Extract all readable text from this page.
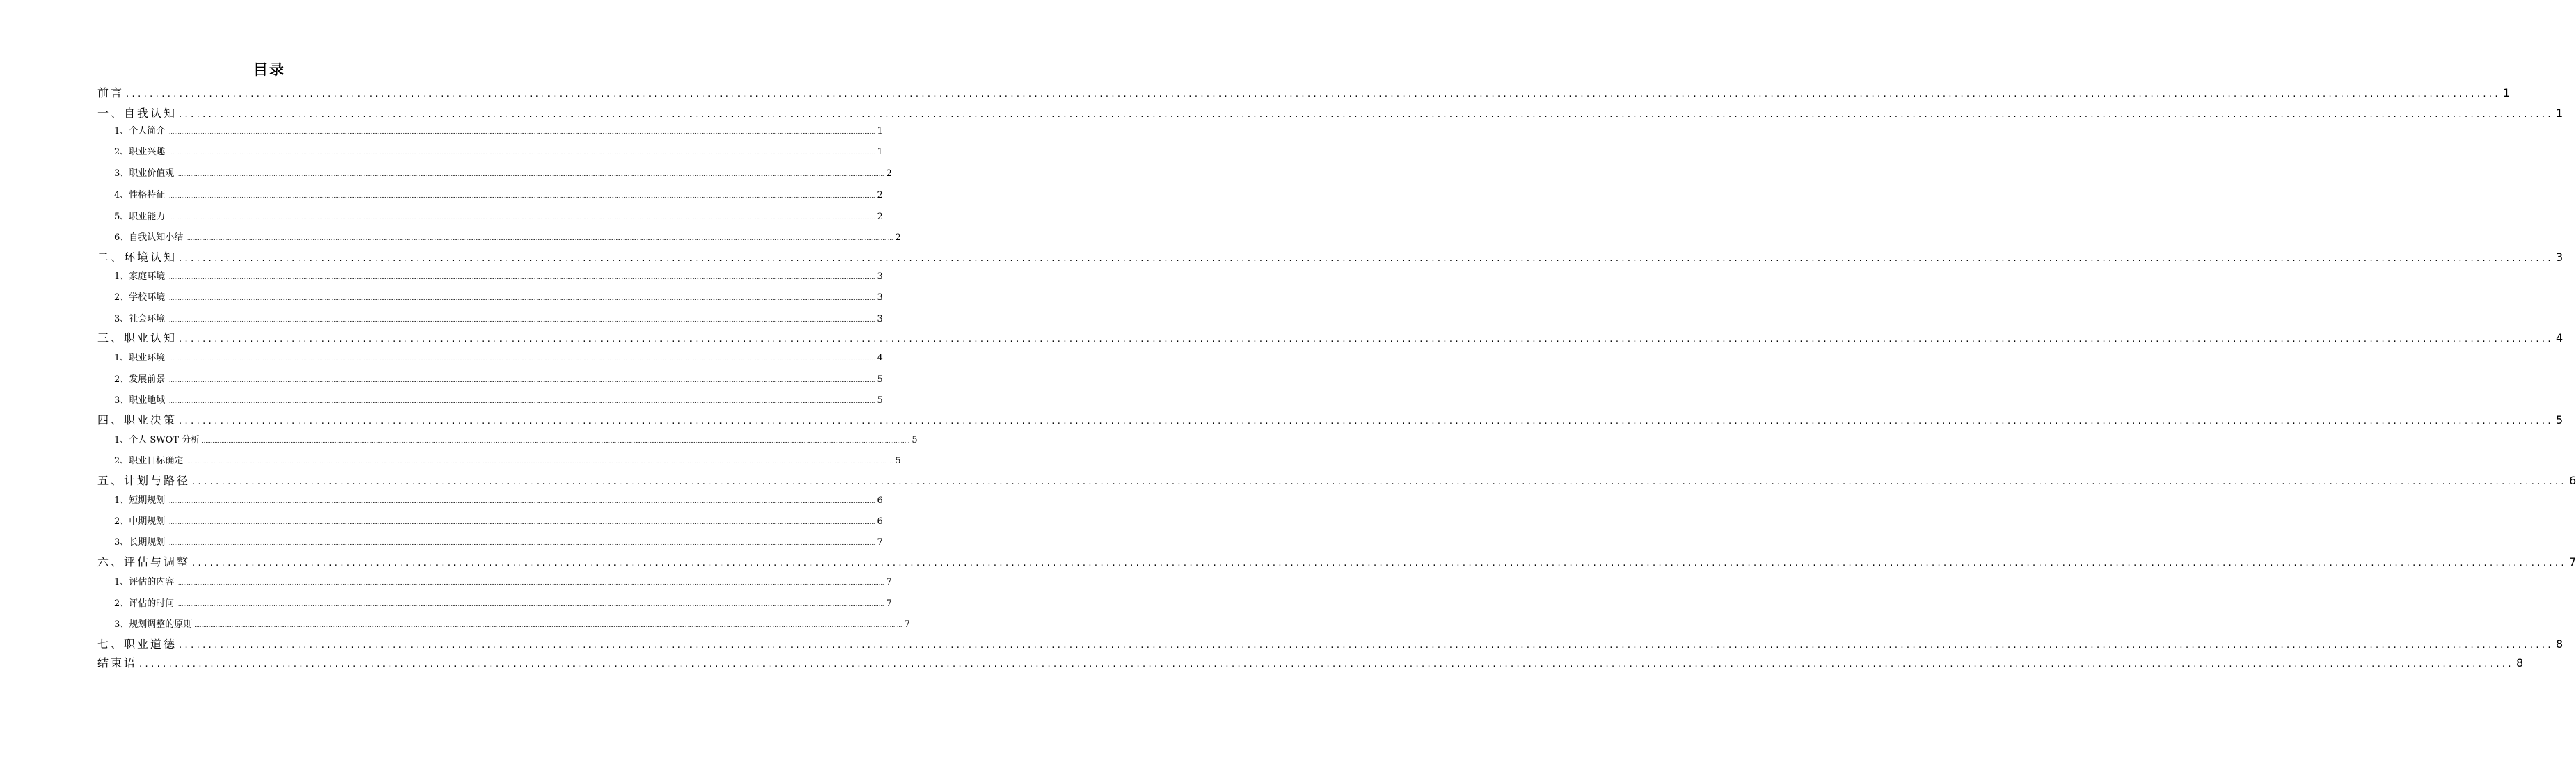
目录
前言 ................................................................................................................................................................................................................................................................................................................................................................................................................ 1
一、自我认知 ................................................................................................................................................................................................................................................................................................................................................................................................................ 1
1、个人简介 ................................................................................................................................................................................................................................................................................................................................................................................................................ 1
2、职业兴趣 ................................................................................................................................................................................................................................................................................................................................................................................................................ 1
3、职业价值观 ................................................................................................................................................................................................................................................................................................................................................................................................................ 2
4、性格特征 ................................................................................................................................................................................................................................................................................................................................................................................................................ 2
5、职业能力 ................................................................................................................................................................................................................................................................................................................................................................................................................ 2
6、自我认知小结 ................................................................................................................................................................................................................................................................................................................................................................................................................ 2
二、环境认知 ................................................................................................................................................................................................................................................................................................................................................................................................................ 3
1、家庭环境 ................................................................................................................................................................................................................................................................................................................................................................................................................ 3
2、学校环境 ................................................................................................................................................................................................................................................................................................................................................................................................................ 3
3、社会环境 ................................................................................................................................................................................................................................................................................................................................................................................................................ 3
三、职业认知 ................................................................................................................................................................................................................................................................................................................................................................................................................ 4
1、职业环境 ................................................................................................................................................................................................................................................................................................................................................................................................................ 4
2、发展前景 ................................................................................................................................................................................................................................................................................................................................................................................................................ 5
3、职业地域 ................................................................................................................................................................................................................................................................................................................................................................................................................ 5
四、职业决策 ................................................................................................................................................................................................................................................................................................................................................................................................................ 5
1、个人 SWOT 分析 ................................................................................................................................................................................................................................................................................................................................................................................................................ 5
2、职业目标确定 ................................................................................................................................................................................................................................................................................................................................................................................................................ 5
五、计划与路径 ................................................................................................................................................................................................................................................................................................................................................................................................................ 6
1、短期规划 ................................................................................................................................................................................................................................................................................................................................................................................................................ 6
2、中期规划 ................................................................................................................................................................................................................................................................................................................................................................................................................ 6
3、长期规划 ................................................................................................................................................................................................................................................................................................................................................................................................................ 7
六、评估与调整 ................................................................................................................................................................................................................................................................................................................................................................................................................ 7
1、评估的内容 ................................................................................................................................................................................................................................................................................................................................................................................................................ 7
2、评估的时间 ................................................................................................................................................................................................................................................................................................................................................................................................................ 7
3、规划调整的原则 ................................................................................................................................................................................................................................................................................................................................................................................................................ 7
七、职业道德 ................................................................................................................................................................................................................................................................................................................................................................................................................ 8
结束语 ................................................................................................................................................................................................................................................................................................................................................................................................................ 8
